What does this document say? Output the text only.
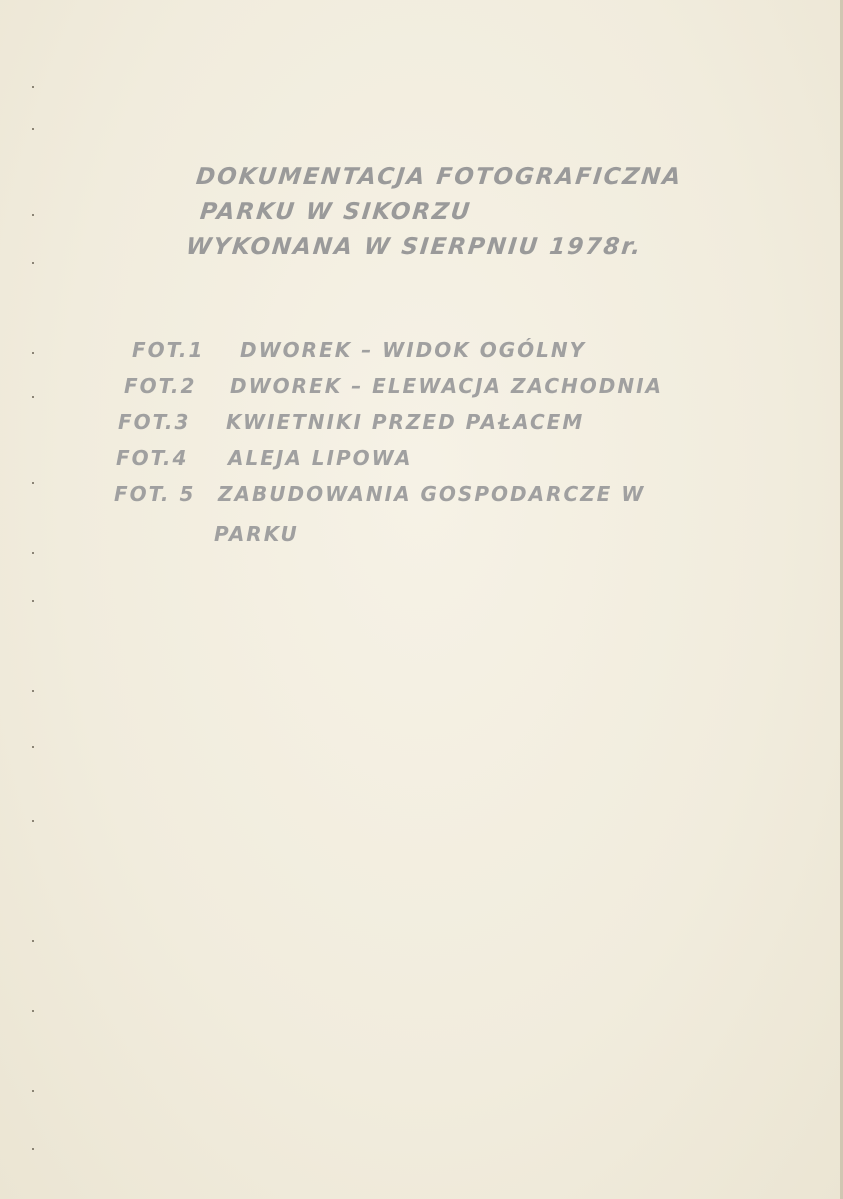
DOKUMENTACJA FOTOGRAFICZNA
PARKU W SIKORZU
WYKONANA W SIERPNIU 1978r.
FOT.1 DWOREK – WIDOK OGÓLNY
FOT.2 DWOREK – ELEWACJA ZACHODNIA
FOT.3 KWIETNIKI PRZED PAŁACEM
FOT.4 ALEJA LIPOWA
FOT. 5 ZABUDOWANIA GOSPODARCZE W
PARKU
